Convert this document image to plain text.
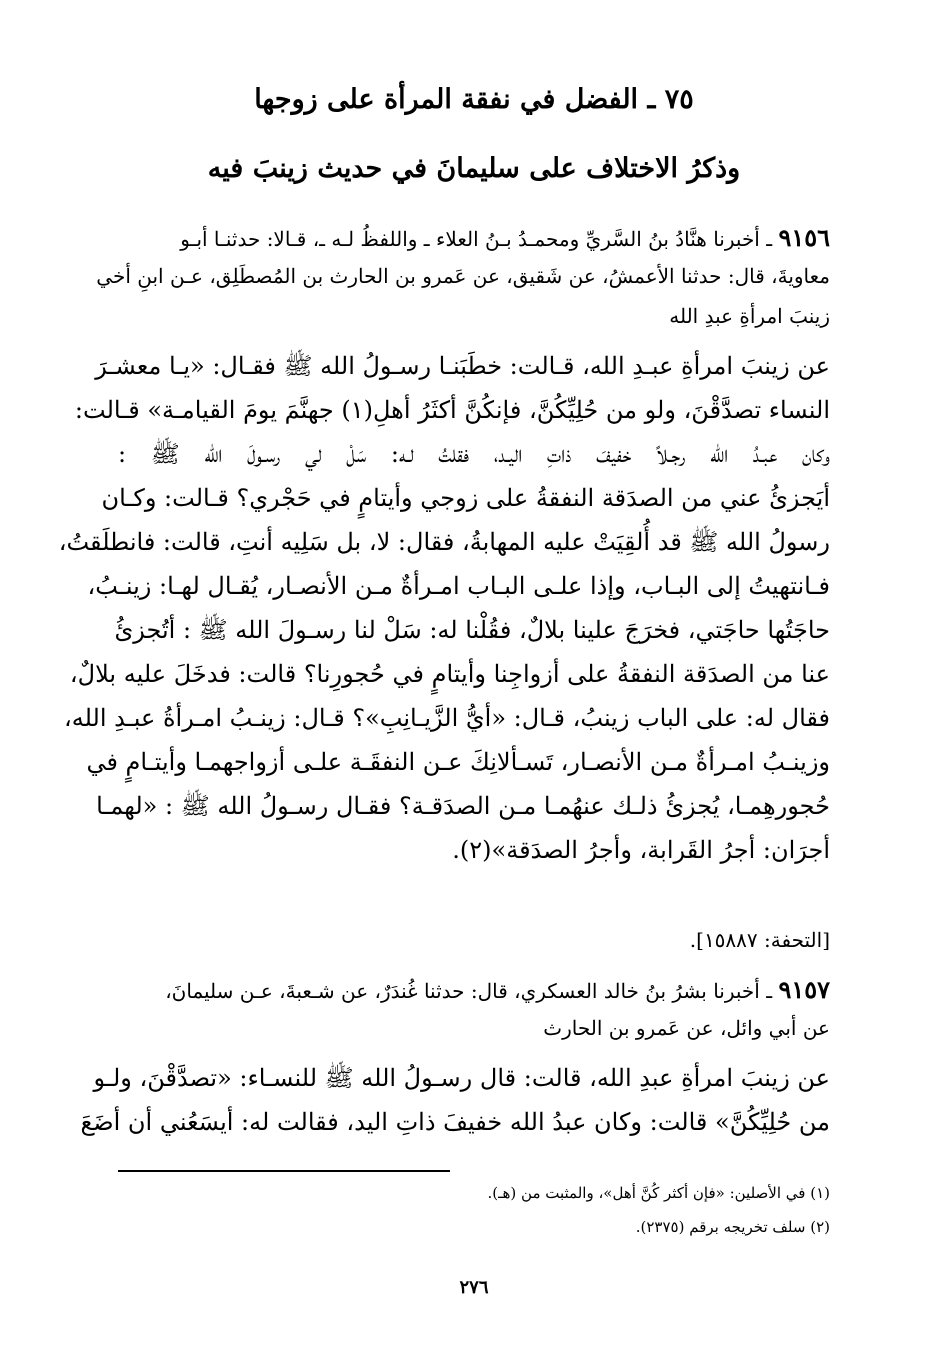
٧٥ ـ الفضل في نفقة المرأة على زوجها
وذكرُ الاختلاف على سليمانَ في حديث زينبَ فيه
٩١٥٦ ـ أخبرنا هنَّادُ بنُ السَّريِّ ومحمـدُ بـنُ العلاء ـ واللفظُ لـه ـ، قـالا: حدثنـا أبـو
معاويةَ، قال: حدثنا الأعمشُ، عن شَقيق، عن عَمرو بن الحارث بن المُصطَلِق، عـن ابنِ أخي
زينبَ امرأةِ عبدِ الله
عن زينبَ امرأةِ عبـدِ الله، قـالت: خطَبَنـا رسـولُ الله ﷺ فقـال: «يـا معشـرَ
النساء تصدَّقْنَ، ولو من حُلِيِّكُنَّ، فإنكُنَّ أكثَرُ أهلِ(١) جهنَّمَ يومَ القيامـة» قـالت:
وكان عبـدُ الله رجـلاً خفيفَ ذاتِ اليـد، فقلتُ لـه: سَلْ لي رسـولَ الله ﷺ :
أيَجزئُ عني من الصدَقة النفقةُ على زوجي وأيتامٍ في حَجْري؟ قـالت: وكـان
رسولُ الله ﷺ قد أُلقِيَتْ عليه المهابةُ، فقال: لا، بل سَلِيه أنتِ، قالت: فانطلَقتُ،
فـانتهيتُ إلى البـاب، وإذا علـى البـاب امـرأةٌ مـن الأنصـار، يُقـال لهـا: زينـبُ،
حاجَتُها حاجَتي، فخرَجَ علينا بلالٌ، فقُلْنا له: سَلْ لنا رسـولَ الله ﷺ : أتُجزئُ
عنا من الصدَقة النفقةُ على أزواجِنا وأيتامٍ في حُجورِنا؟ قالت: فدخَلَ عليه بلالٌ،
فقال له: على الباب زينبُ، قـال: «أيُّ الزَّيـانِبِ»؟ قـال: زينـبُ امـرأةُ عبـدِ الله،
وزينـبُ امـرأةٌ مـن الأنصـار، تَسـألانِكَ عـن النفقَـة علـى أزواجهمـا وأيتـامٍ في
حُجورهِمـا، يُجزئُ ذلـك عنهُمـا مـن الصدَقـة؟ فقـال رسـولُ الله ﷺ : «لهمـا
أجرَان: أجرُ القَرابة، وأجرُ الصدَقة»(٢).
[التحفة: ١٥٨٨٧].
٩١٥٧ ـ أخبرنا بشرُ بنُ خالد العسكري، قال: حدثنا غُندَرٌ، عن شـعبةَ، عـن سليمانَ،
عن أبي وائل، عن عَمرو بن الحارث
عن زينبَ امرأةِ عبدِ الله، قالت: قال رسـولُ الله ﷺ للنسـاء: «تصدَّقْنَ، ولـو
من حُلِيِّكُنَّ» قالت: وكان عبدُ الله خفيفَ ذاتِ اليد، فقالت له: أيسَعُني أن أضَعَ
(١) في الأصلين: «فإن أكثر كُنَّ أهل»، والمثبت من (هـ).
(٢) سلف تخريجه برقم (٢٣٧٥).
٢٧٦
